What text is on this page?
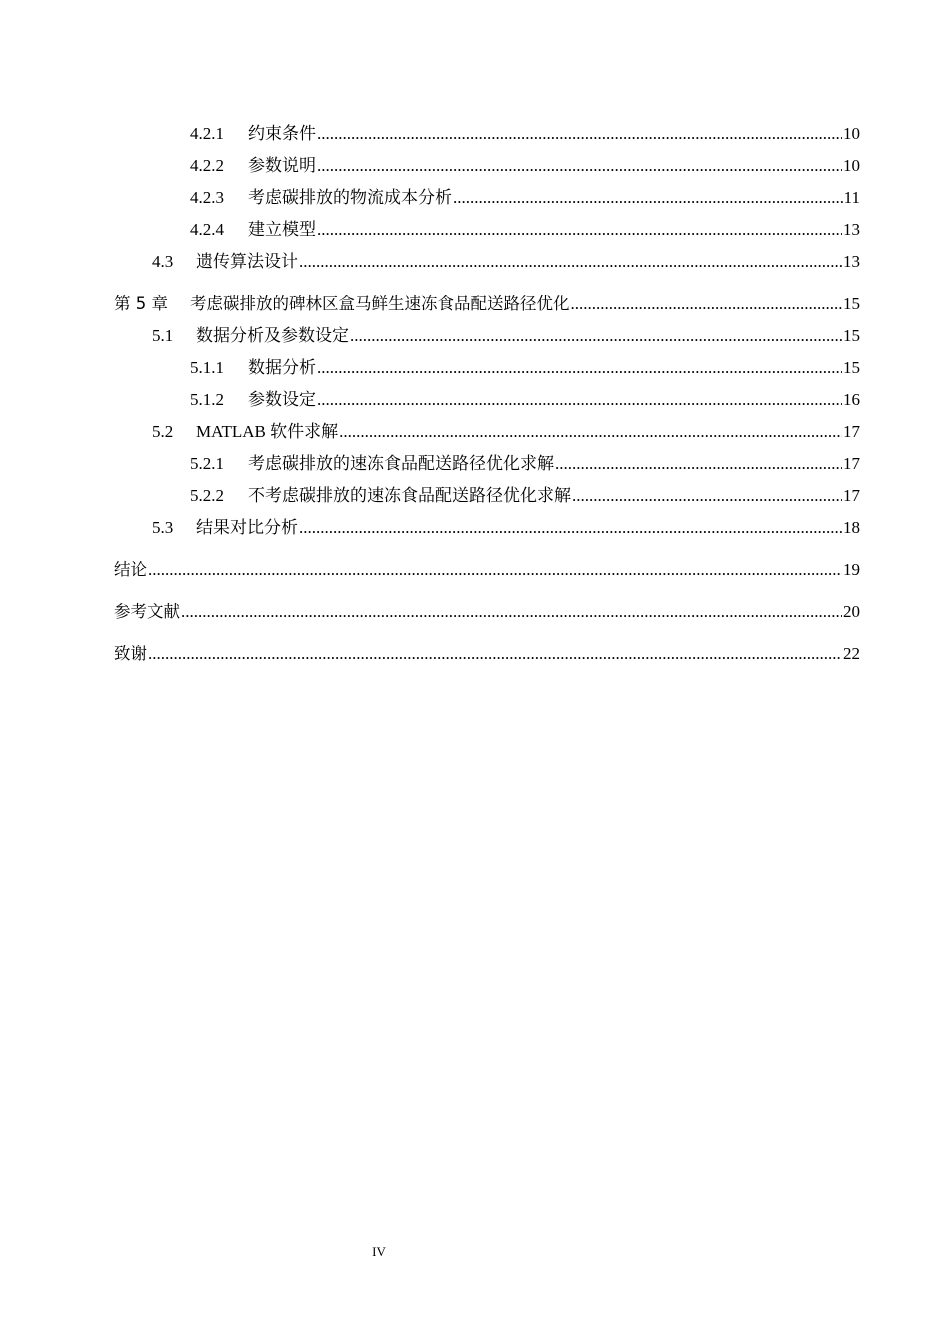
4.2.1	约束条件 .....	10
4.2.2	参数说明 .....	10
4.2.3	考虑碳排放的物流成本分析 .....	11
4.2.4	建立模型 .....	13
4.3	遗传算法设计 .....	13
第 5 章	考虑碳排放的碑林区盒马鲜生速冻食品配送路径优化 .....	15
5.1	数据分析及参数设定 .....	15
5.1.1	数据分析 .....	15
5.1.2	参数设定 .....	16
5.2	MATLAB 软件求解 .....	17
5.2.1	考虑碳排放的速冻食品配送路径优化求解 .....	17
5.2.2	不考虑碳排放的速冻食品配送路径优化求解 .....	17
5.3	结果对比分析 .....	18
结论 .....	19
参考文献 .....	20
致谢 .....	22
IV
